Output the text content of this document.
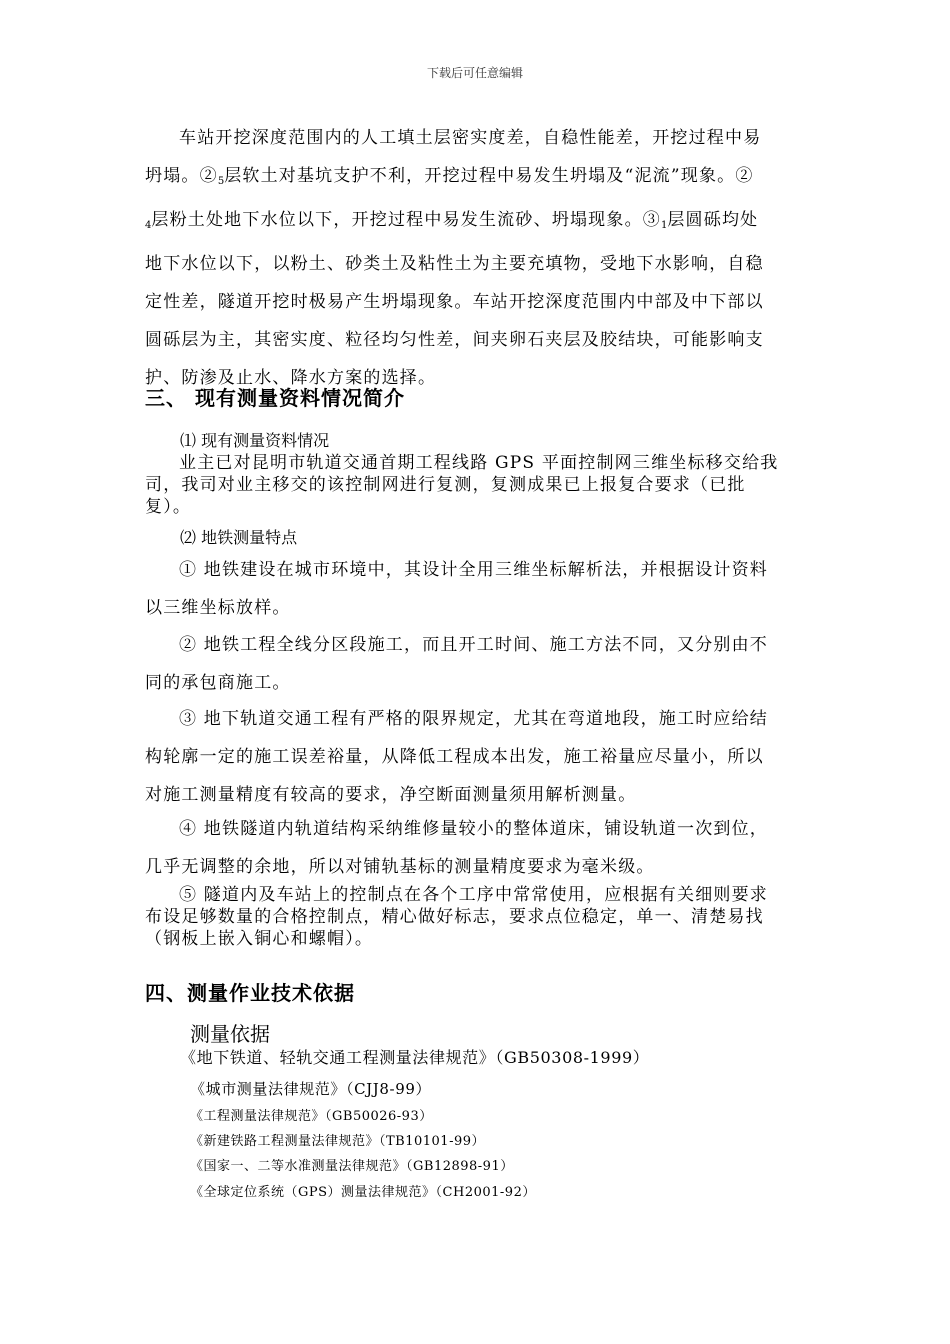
下载后可任意编辑
车站开挖深度范围内的人工填土层密实度差，自稳性能差，开挖过程中易
坍塌。$②_5$层软土对基坑支护不利，开挖过程中易发生坍塌及“泥流”现象。②
$_4$层粉土处地下水位以下，开挖过程中易发生流砂、坍塌现象。$③_1$层圆砾均处
地下水位以下，以粉土、砂类土及粘性土为主要充填物，受地下水影响，自稳
定性差，隧道开挖时极易产生坍塌现象。车站开挖深度范围内中部及中下部以
圆砾层为主，其密实度、粒径均匀性差，间夹卵石夹层及胶结块，可能影响支
护、防渗及止水、降水方案的选择。
三、 现有测量资料情况简介
⑴ 现有测量资料情况
业主已对昆明市轨道交通首期工程线路 GPS 平面控制网三维坐标移交给我
司，我司对业主移交的该控制网进行复测，复测成果已上报复合要求（已批
复）。
⑵ 地铁测量特点
① 地铁建设在城市环境中，其设计全用三维坐标解析法，并根据设计资料
以三维坐标放样。
② 地铁工程全线分区段施工，而且开工时间、施工方法不同，又分别由不
同的承包商施工。
③ 地下轨道交通工程有严格的限界规定，尤其在弯道地段，施工时应给结
构轮廓一定的施工误差裕量，从降低工程成本出发，施工裕量应尽量小，所以
对施工测量精度有较高的要求，净空断面测量须用解析测量。
④ 地铁隧道内轨道结构采纳维修量较小的整体道床，铺设轨道一次到位，
几乎无调整的余地，所以对铺轨基标的测量精度要求为毫米级。
⑤ 隧道内及车站上的控制点在各个工序中常常使用，应根据有关细则要求
布设足够数量的合格控制点，精心做好标志，要求点位稳定，单一、清楚易找
（钢板上嵌入铜心和螺帽）。
四、测量作业技术依据
测量依据
《地下铁道、轻轨交通工程测量法律规范》（GB50308-1999）
《城市测量法律规范》（CJJ8-99）
《工程测量法律规范》（GB50026-93）
《新建铁路工程测量法律规范》（TB10101-99）
《国家一、二等水准测量法律规范》（GB12898-91）
《全球定位系统（GPS）测量法律规范》（CH2001-92）
